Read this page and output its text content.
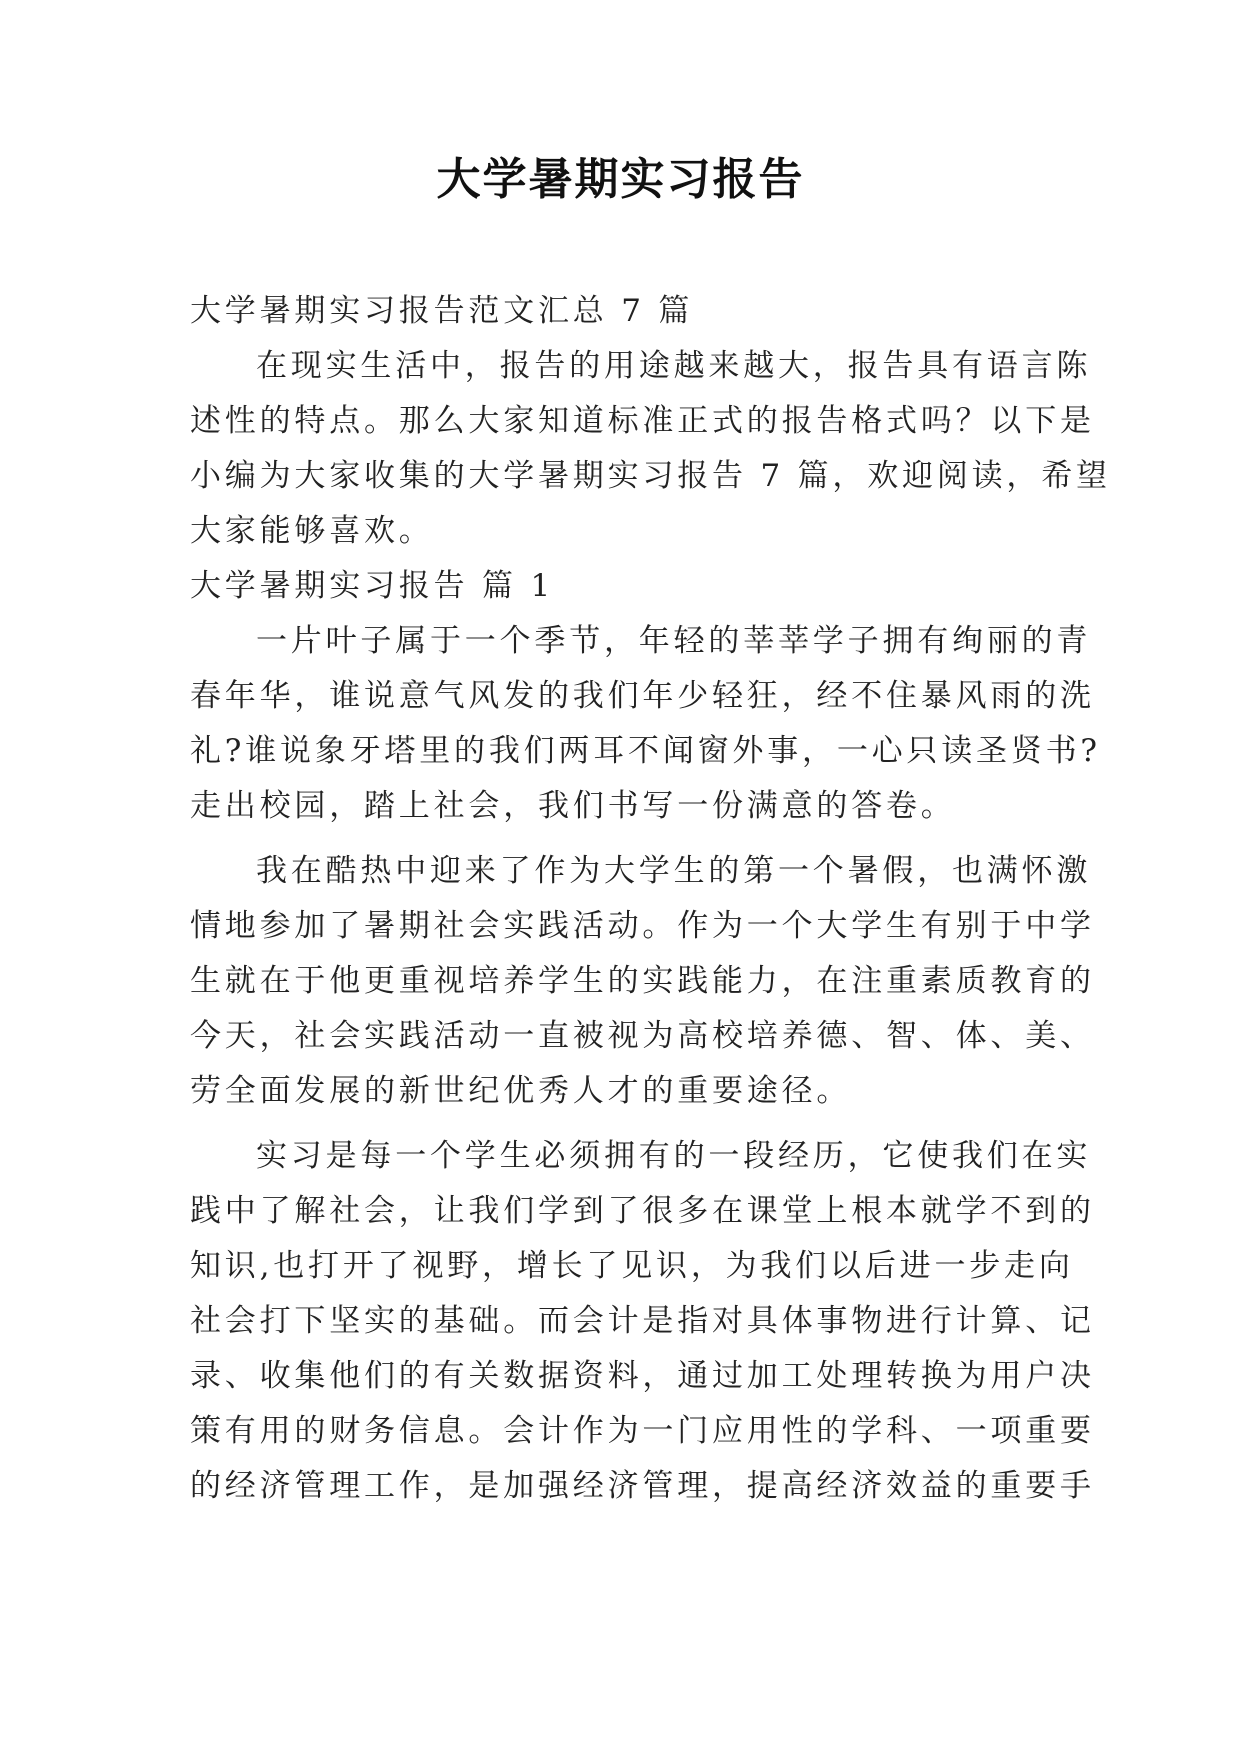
大学暑期实习报告
大学暑期实习报告范文汇总 7 篇
在现实生活中，报告的用途越来越大，报告具有语言陈
述性的特点。那么大家知道标准正式的报告格式吗？以下是
小编为大家收集的大学暑期实习报告 7 篇，欢迎阅读，希望
大家能够喜欢。
大学暑期实习报告 篇 1
一片叶子属于一个季节，年轻的莘莘学子拥有绚丽的青
春年华，谁说意气风发的我们年少轻狂，经不住暴风雨的洗
礼?谁说象牙塔里的我们两耳不闻窗外事，一心只读圣贤书?
走出校园，踏上社会，我们书写一份满意的答卷。
我在酷热中迎来了作为大学生的第一个暑假，也满怀激
情地参加了暑期社会实践活动。作为一个大学生有别于中学
生就在于他更重视培养学生的实践能力，在注重素质教育的
今天，社会实践活动一直被视为高校培养德、智、体、美、
劳全面发展的新世纪优秀人才的重要途径。
实习是每一个学生必须拥有的一段经历，它使我们在实
践中了解社会，让我们学到了很多在课堂上根本就学不到的
知识,也打开了视野，增长了见识，为我们以后进一步走向
社会打下坚实的基础。而会计是指对具体事物进行计算、记
录、收集他们的有关数据资料，通过加工处理转换为用户决
策有用的财务信息。会计作为一门应用性的学科、一项重要
的经济管理工作，是加强经济管理，提高经济效益的重要手
